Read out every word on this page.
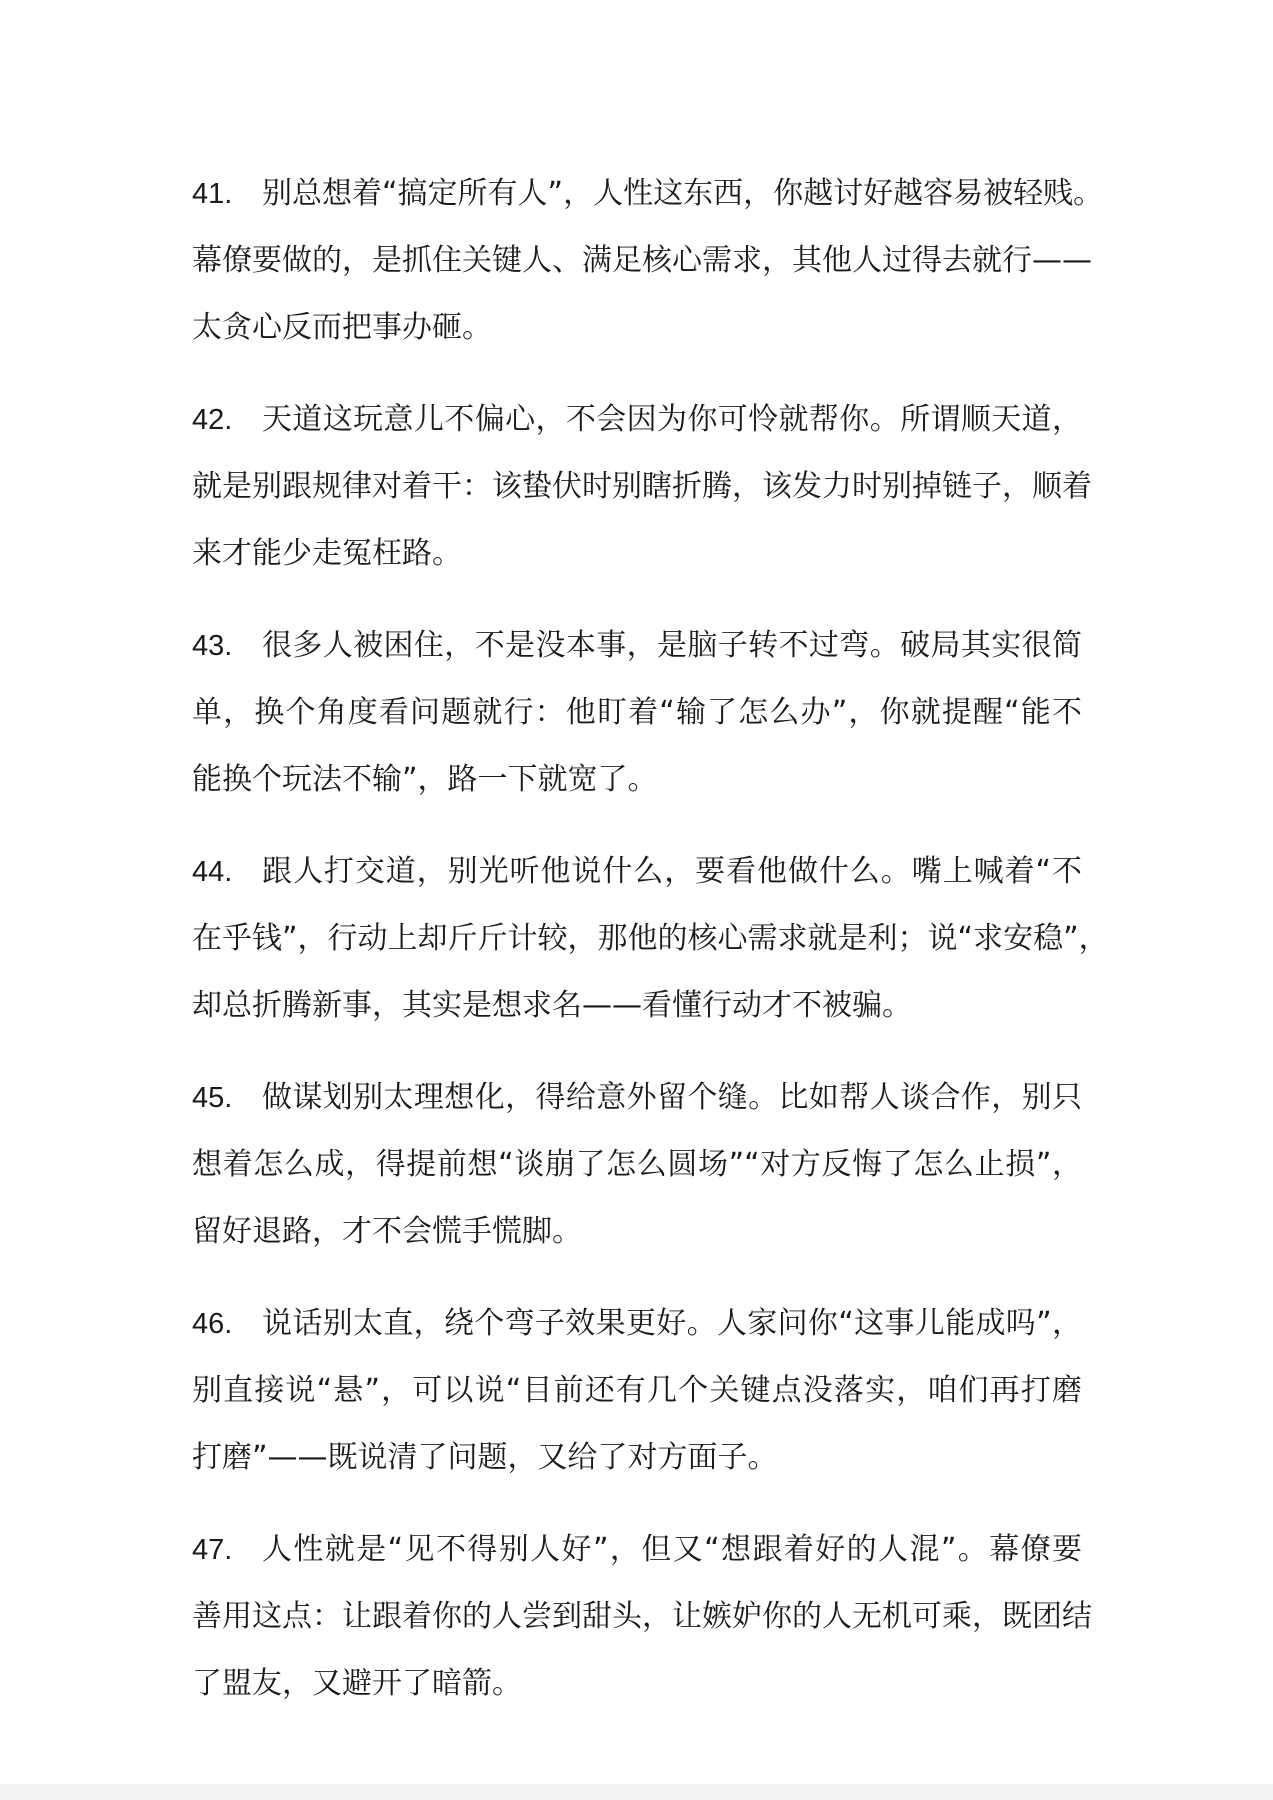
41. 别总想着“搞定所有人”，人性这东西，你越讨好越容易被轻贱。
幕僚要做的，是抓住关键人、满足核心需求，其他人过得去就行——
太贪心反而把事办砸。
42. 天道这玩意儿不偏心，不会因为你可怜就帮你。所谓顺天道，
就是别跟规律对着干：该蛰伏时别瞎折腾，该发力时别掉链子，顺着
来才能少走冤枉路。
43. 很多人被困住，不是没本事，是脑子转不过弯。破局其实很简
单，换个角度看问题就行：他盯着“输了怎么办”，你就提醒“能不
能换个玩法不输”，路一下就宽了。
44. 跟人打交道，别光听他说什么，要看他做什么。嘴上喊着“不
在乎钱”，行动上却斤斤计较，那他的核心需求就是利；说“求安稳”，
却总折腾新事，其实是想求名——看懂行动才不被骗。
45. 做谋划别太理想化，得给意外留个缝。比如帮人谈合作，别只
想着怎么成，得提前想“谈崩了怎么圆场”“对方反悔了怎么止损”，
留好退路，才不会慌手慌脚。
46. 说话别太直，绕个弯子效果更好。人家问你“这事儿能成吗”，
别直接说“悬”，可以说“目前还有几个关键点没落实，咱们再打磨
打磨”——既说清了问题，又给了对方面子。
47. 人性就是“见不得别人好”，但又“想跟着好的人混”。幕僚要
善用这点：让跟着你的人尝到甜头，让嫉妒你的人无机可乘，既团结
了盟友，又避开了暗箭。
